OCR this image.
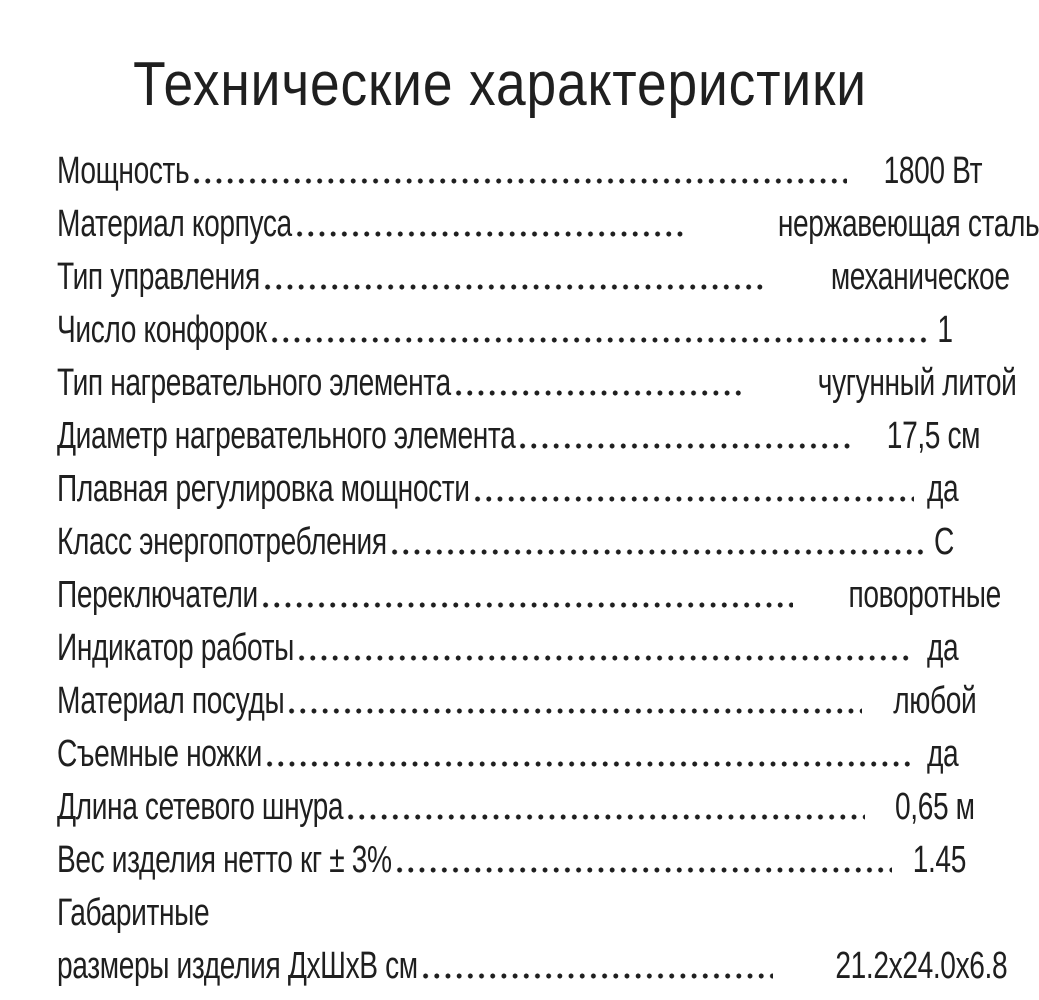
Технические характеристики
Мощность	1800 Вт
Материал корпуса	нержавеющая сталь
Тип управления	механическое
Число конфорок	1
Тип нагревательного элемента	чугунный литой
Диаметр нагревательного элемента	17,5 см
Плавная регулировка мощности	да
Класс энергопотребления	С
Переключатели	поворотные
Индикатор работы	да
Материал посуды	любой
Съемные ножки	да
Длина сетевого шнура	0,65 м
Вес изделия нетто кг ± 3%	1.45
Габаритные
размеры изделия ДхШхВ см	21.2x24.0x6.8
